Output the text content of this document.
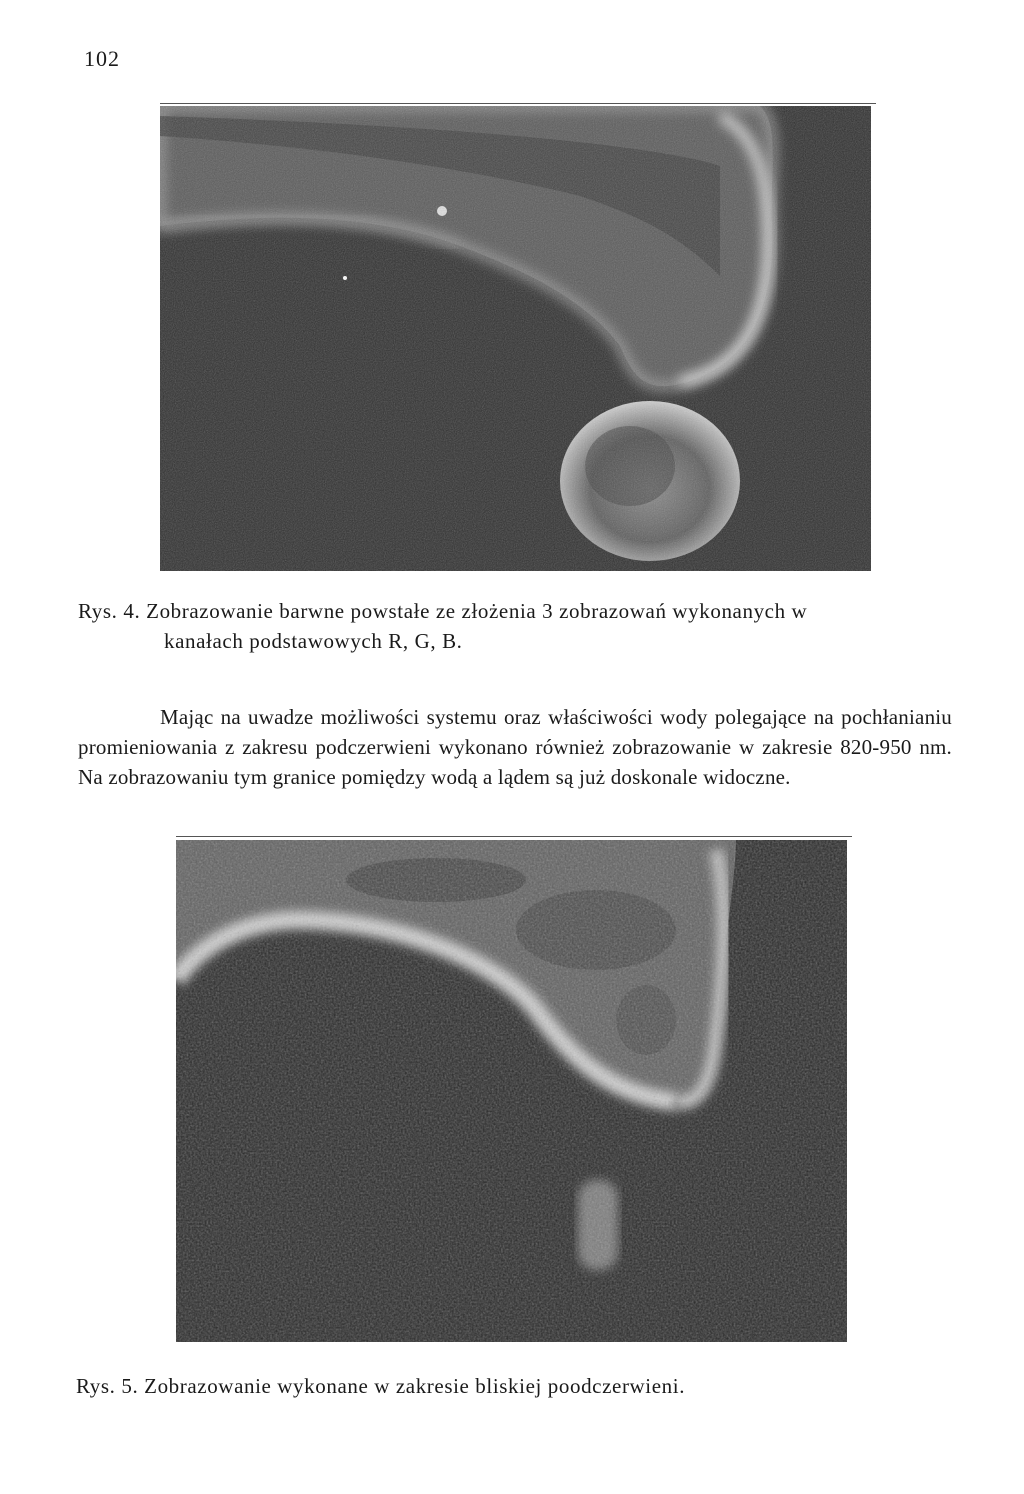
102
Rys. 4. Zobrazowanie barwne powstałe ze złożenia 3 zobrazowań wykonanych w
kanałach podstawowych R, G, B.
Mając na uwadze możliwości systemu oraz właściwości wody polegające na pochłanianiu promieniowania z zakresu podczerwieni wykonano również zobrazowanie w zakresie 820-950 nm. Na zobrazowaniu tym granice pomiędzy wodą a lądem są już doskonale widoczne.
Rys. 5. Zobrazowanie wykonane w zakresie bliskiej poodczerwieni.
